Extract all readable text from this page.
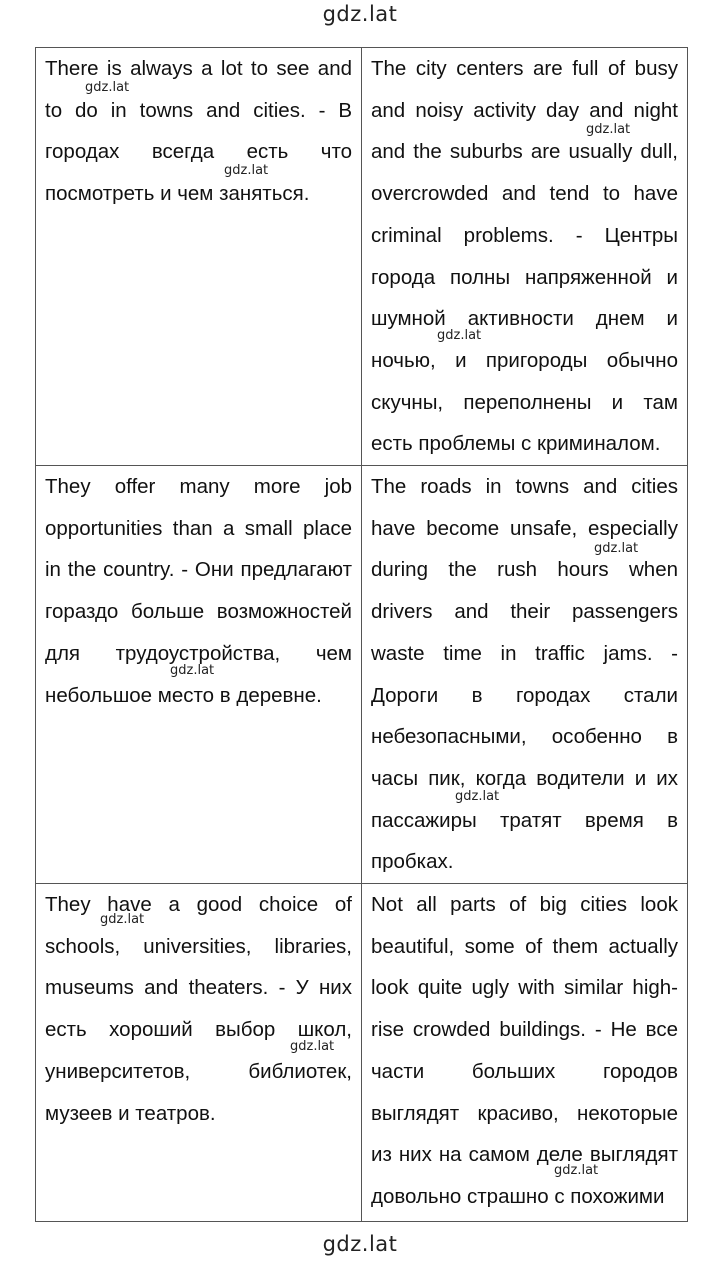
gdz.lat
There is always a lot to see and to do in towns and cities. - В городах всегда есть что посмотреть и чем заняться.	The city centers are full of busy and noisy activity day and night and the suburbs are usually dull, overcrowded and tend to have criminal problems. - Центры города полны напряженной и шумной активности днем и ночью, и пригороды обычно скучны, переполнены и там есть проблемы с криминалом.
They offer many more job opportunities than a small place in the country. - Они предлагают гораздо больше возможностей для трудоустройства, чем небольшое место в деревне.	The roads in towns and cities have become unsafe, especially during the rush hours when drivers and their passengers waste time in traffic jams. - Дороги в городах стали небезопасными, особенно в часы пик, когда водители и их пассажиры тратят время в пробках.
They have a good choice of schools, universities, libraries, museums and theaters. - У них есть хороший выбор школ, университетов, библиотек, музеев и театров.	Not all parts of big cities look beautiful, some of them actually look quite ugly with similar high-rise crowded buildings. - Не все части больших городов выглядят красиво, некоторые из них на самом деле выглядят довольно страшно с похожими
gdz.lat
gdz.lat
gdz.lat
gdz.lat
gdz.lat
gdz.lat
gdz.lat
gdz.lat
gdz.lat
gdz.lat
gdz.lat
